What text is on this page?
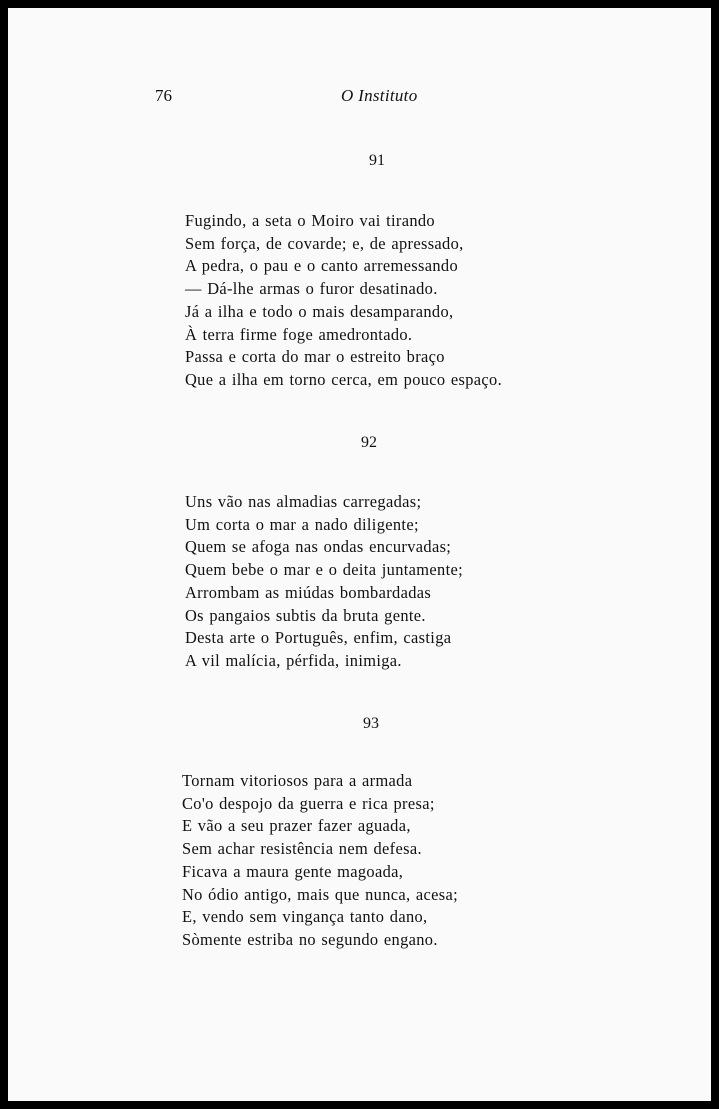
76	O Instituto
91
Fugindo, a seta o Moiro vai tirando
Sem força, de covarde; e, de apressado,
A pedra, o pau e o canto arremessando
— Dá-lhe armas o furor desatinado.
Já a ilha e todo o mais desamparando,
À terra firme foge amedrontado.
Passa e corta do mar o estreito braço
Que a ilha em torno cerca, em pouco espaço.
92
Uns vão nas almadias carregadas;
Um corta o mar a nado diligente;
Quem se afoga nas ondas encurvadas;
Quem bebe o mar e o deita juntamente;
Arrombam as miúdas bombardadas
Os pangaios subtis da bruta gente.
Desta arte o Português, enfim, castiga
A vil malícia, pérfida, inimiga.
93
Tornam vitoriosos para a armada
Co'o despojo da guerra e rica presa;
E vão a seu prazer fazer aguada,
Sem achar resistência nem defesa.
Ficava a maura gente magoada,
No ódio antigo, mais que nunca, acesa;
E, vendo sem vingança tanto dano,
Sòmente estriba no segundo engano.
